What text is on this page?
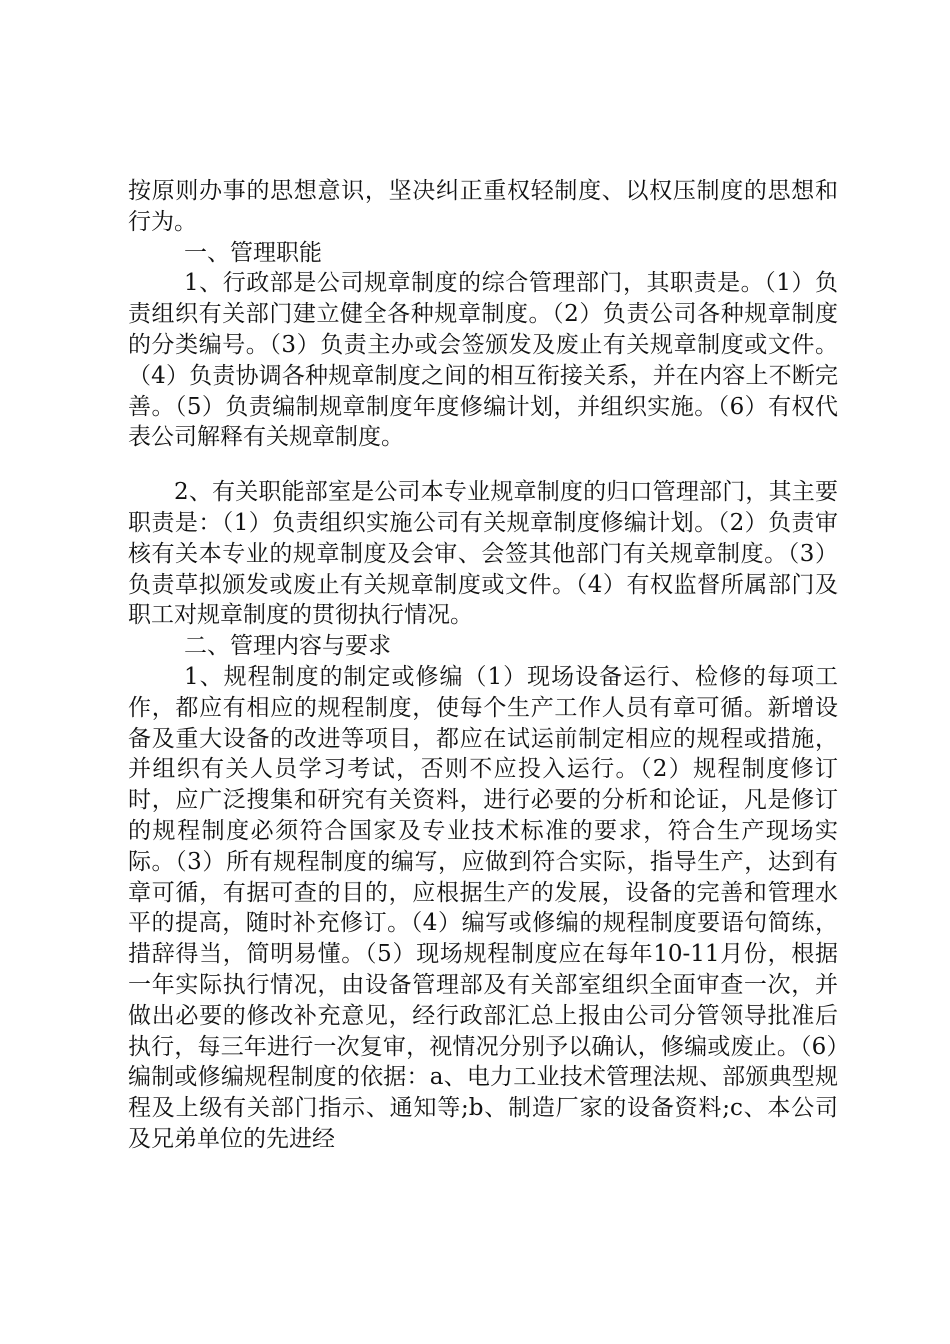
按原则办事的思想意识，坚决纠正重权轻制度、以权压制度的思想和行为。

一、管理职能

1、行政部是公司规章制度的综合管理部门，其职责是。（1）负责组织有关部门建立健全各种规章制度。（2）负责公司各种规章制度的分类编号。（3）负责主办或会签颁发及废止有关规章制度或文件。（4）负责协调各种规章制度之间的相互衔接关系，并在内容上不断完善。（5）负责编制规章制度年度修编计划，并组织实施。（6）有权代表公司解释有关规章制度。

2、有关职能部室是公司本专业规章制度的归口管理部门，其主要职责是：（1）负责组织实施公司有关规章制度修编计划。（2）负责审核有关本专业的规章制度及会审、会签其他部门有关规章制度。（3）负责草拟颁发或废止有关规章制度或文件。（4）有权监督所属部门及职工对规章制度的贯彻执行情况。

二、管理内容与要求

1、规程制度的制定或修编（1）现场设备运行、检修的每项工作，都应有相应的规程制度，使每个生产工作人员有章可循。新增设备及重大设备的改进等项目，都应在试运前制定相应的规程或措施，并组织有关人员学习考试，否则不应投入运行。（2）规程制度修订时，应广泛搜集和研究有关资料，进行必要的分析和论证，凡是修订的规程制度必须符合国家及专业技术标准的要求，符合生产现场实际。（3）所有规程制度的编写，应做到符合实际，指导生产，达到有章可循，有据可查的目的，应根据生产的发展，设备的完善和管理水平的提高，随时补充修订。（4）编写或修编的规程制度要语句简练，措辞得当，简明易懂。（5）现场规程制度应在每年10-11月份，根据一年实际执行情况，由设备管理部及有关部室组织全面审查一次，并做出必要的修改补充意见，经行政部汇总上报由公司分管领导批准后执行，每三年进行一次复审，视情况分别予以确认，修编或废止。（6）编制或修编规程制度的依据：a、电力工业技术管理法规、部颁典型规程及上级有关部门指示、通知等;b、制造厂家的设备资料;c、本公司及兄弟单位的先进经
